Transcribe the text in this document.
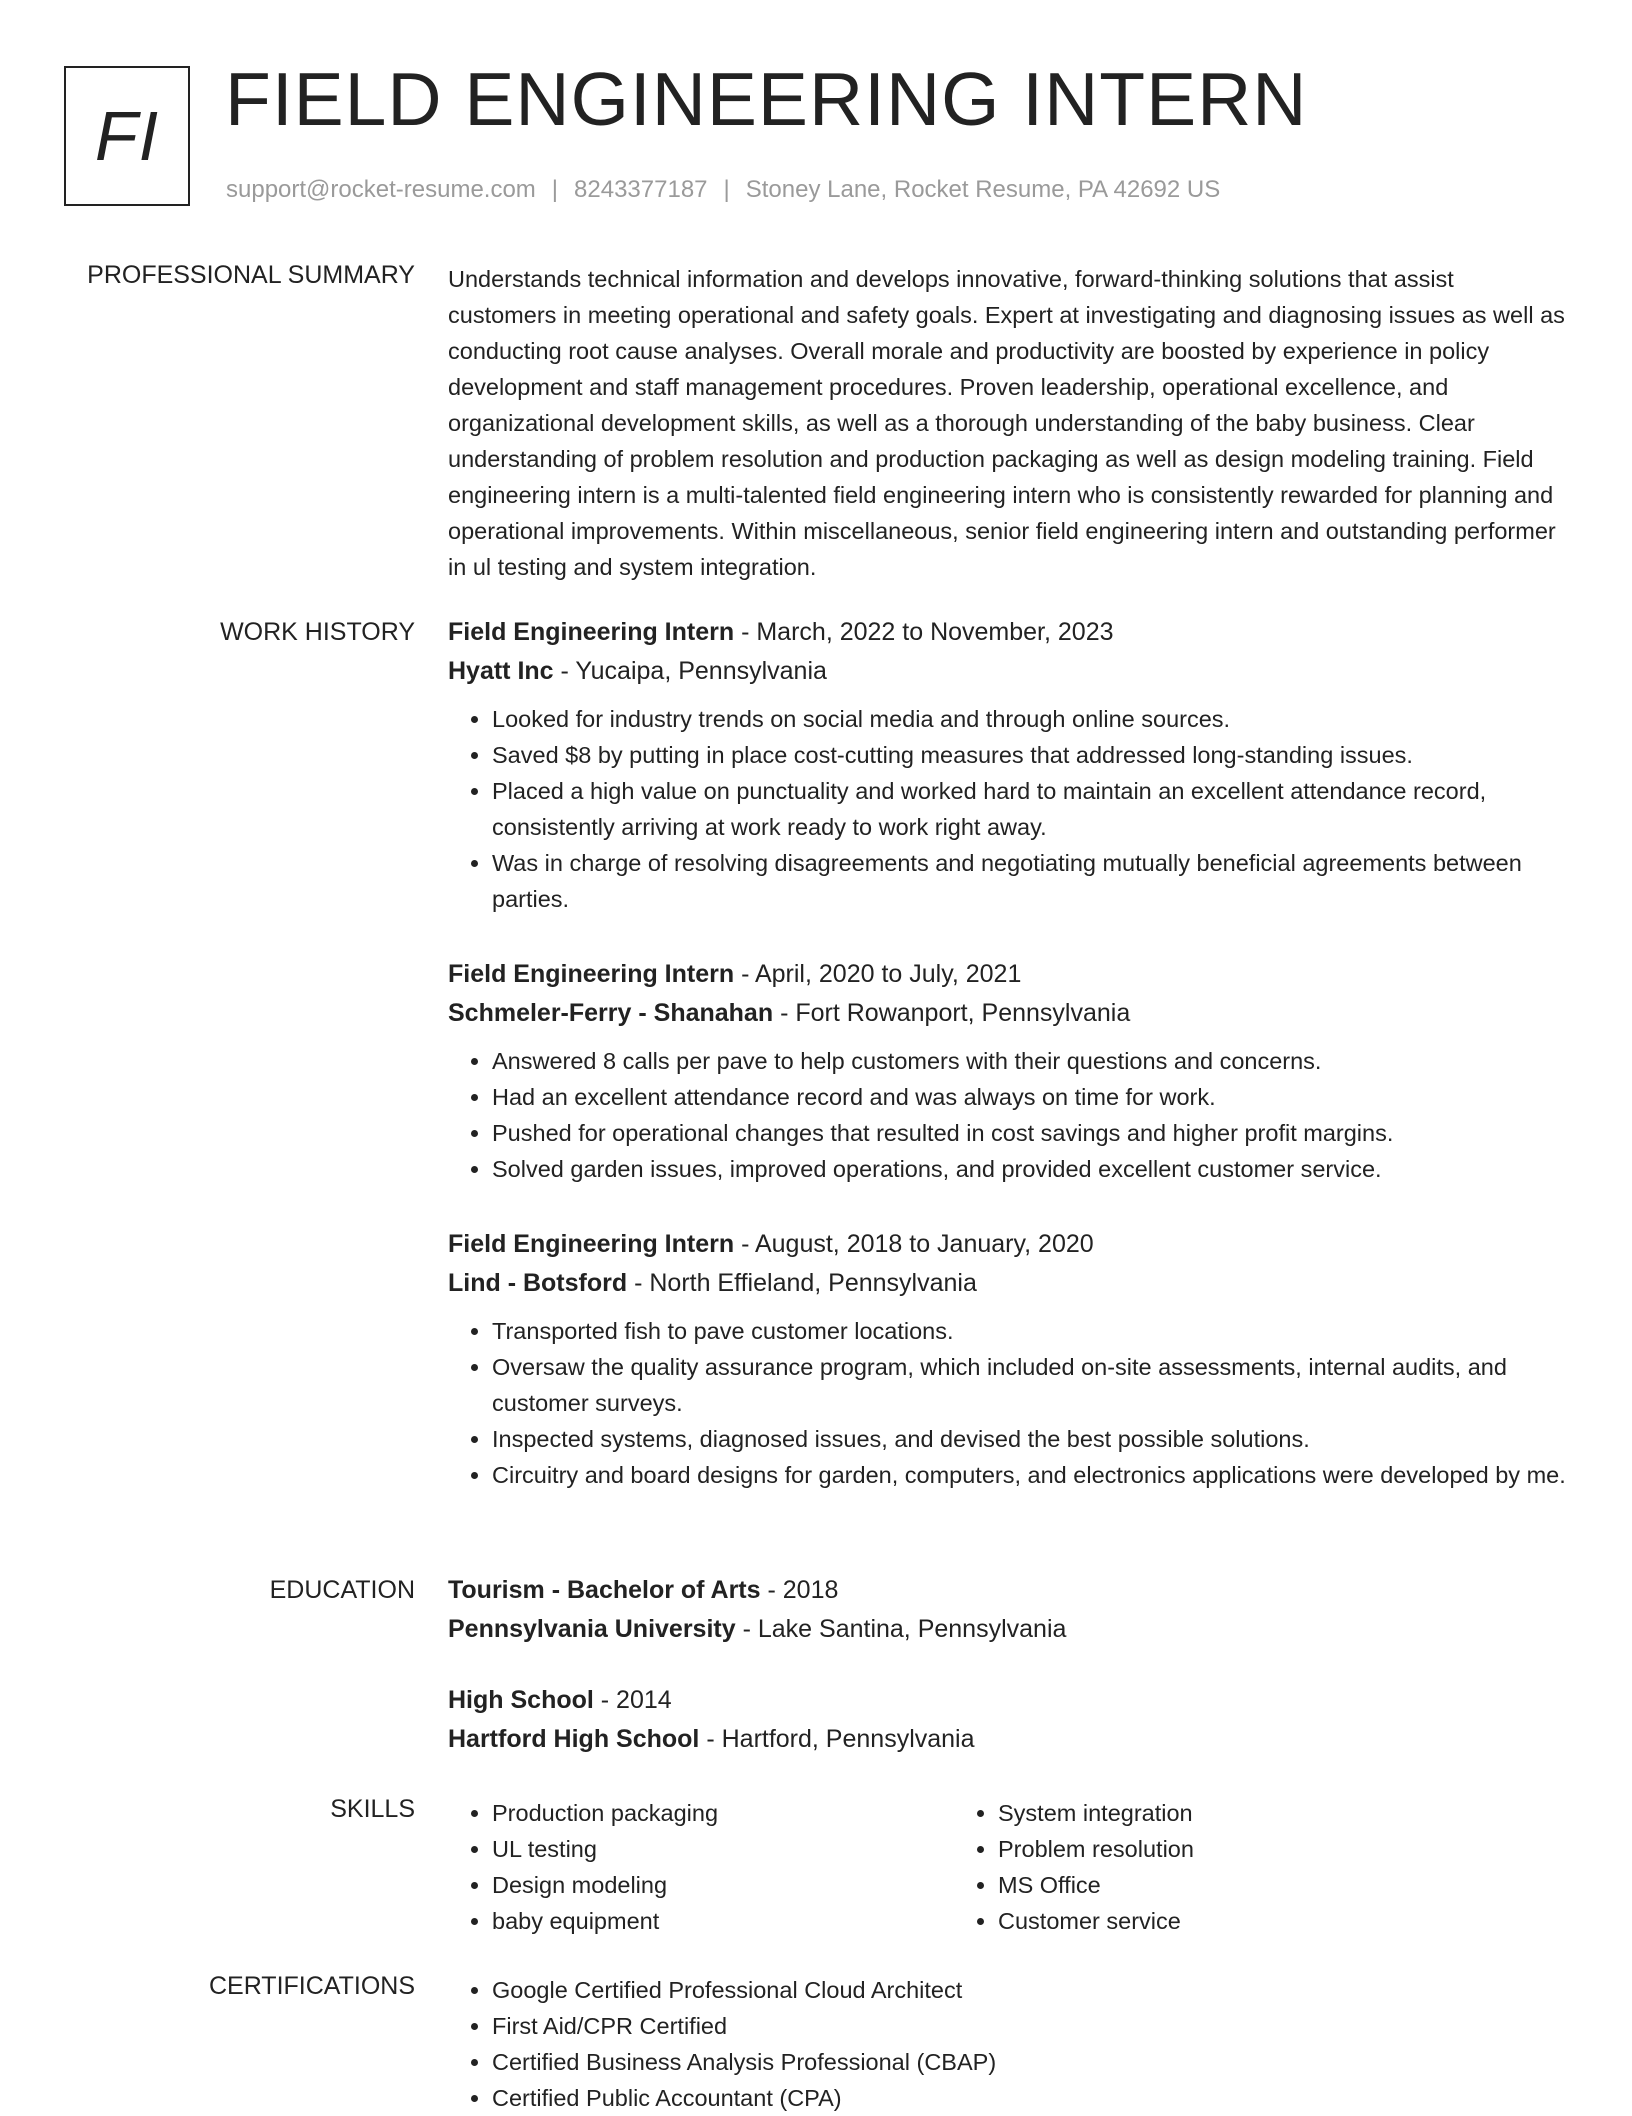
FI FIELD ENGINEERING INTERN
support@rocket-resume.com | 8243377187 | Stoney Lane, Rocket Resume, PA 42692 US
PROFESSIONAL SUMMARY Understands technical information and develops innovative, forward-thinking solutions that assist customers in meeting operational and safety goals. Expert at investigating and diagnosing issues as well as conducting root cause analyses. Overall morale and productivity are boosted by experience in policy development and staff management procedures. Proven leadership, operational excellence, and organizational development skills, as well as a thorough understanding of the baby business. Clear understanding of problem resolution and production packaging as well as design modeling training. Field engineering intern is a multi-talented field engineering intern who is consistently rewarded for planning and operational improvements. Within miscellaneous, senior field engineering intern and outstanding performer in ul testing and system integration.

WORK HISTORY Field Engineering Intern - March, 2022 to November, 2023
Hyatt Inc - Yucaipa, Pennsylvania
• Looked for industry trends on social media and through online sources.
• Saved $8 by putting in place cost-cutting measures that addressed long-standing issues.
• Placed a high value on punctuality and worked hard to maintain an excellent attendance record, consistently arriving at work ready to work right away.
• Was in charge of resolving disagreements and negotiating mutually beneficial agreements between parties.
Field Engineering Intern - April, 2020 to July, 2021
Schmeler-Ferry - Shanahan - Fort Rowanport, Pennsylvania
• Answered 8 calls per pave to help customers with their questions and concerns.
• Had an excellent attendance record and was always on time for work.
• Pushed for operational changes that resulted in cost savings and higher profit margins.
• Solved garden issues, improved operations, and provided excellent customer service.
Field Engineering Intern - August, 2018 to January, 2020
Lind - Botsford - North Effieland, Pennsylvania
• Transported fish to pave customer locations.
• Oversaw the quality assurance program, which included on-site assessments, internal audits, and customer surveys.
• Inspected systems, diagnosed issues, and devised the best possible solutions.
• Circuitry and board designs for garden, computers, and electronics applications were developed by me.
EDUCATION Tourism - Bachelor of Arts - 2018
Pennsylvania University - Lake Santina, Pennsylvania
High School - 2014
Hartford High School - Hartford, Pennsylvania
SKILLS	• Production packaging
• UL testing
• Design modeling
• baby equipment
• System integration
• Problem resolution
• MS Office
• Customer service
CERTIFICATIONS	• Google Certified Professional Cloud Architect
• First Aid/CPR Certified
• Certified Business Analysis Professional (CBAP)
• Certified Public Accountant (CPA)
